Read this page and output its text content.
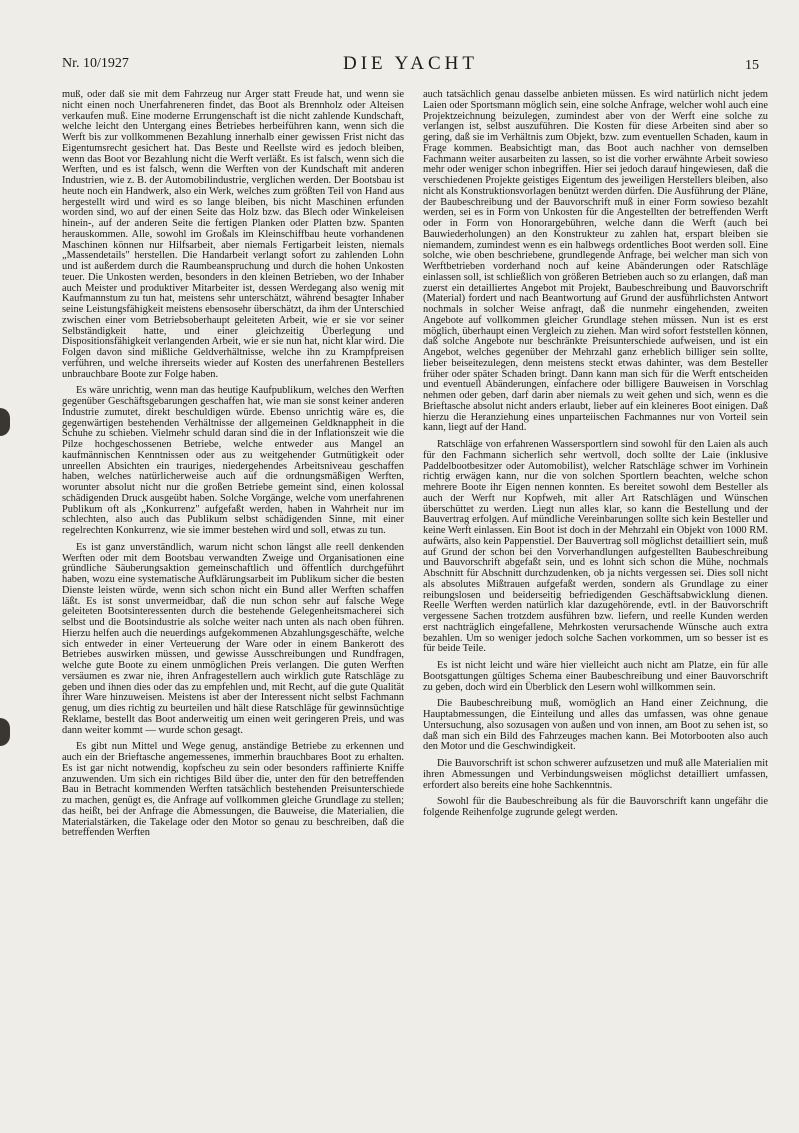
Nr. 10/1927	DIE YACHT	15

muß, oder daß sie mit dem Fahrzeug nur Ärger statt Freude hat, und wenn sie nicht einen noch Unerfahreneren findet, das Boot als Brennholz oder Alteisen verkaufen muß. Eine moderne Errungenschaft ist die nicht zahlende Kundschaft, welche leicht den Untergang eines Betriebes herbeiführen kann, wenn sich die Werft bis zur vollkommenen Bezahlung innerhalb einer gewissen Frist nicht das Eigentumsrecht gesichert hat. Das Beste und Reellste wird es jedoch bleiben, wenn das Boot vor Bezahlung nicht die Werft verläßt. Es ist falsch, wenn sich die Werften, und es ist falsch, wenn die Werften von der Kundschaft mit anderen Industrien, wie z. B. der Automobilindustrie, verglichen werden. Der Bootsbau ist heute noch ein Handwerk, also ein Werk, welches zum größten Teil von Hand aus hergestellt wird und wird es so lange bleiben, bis nicht Maschinen erfunden worden sind, wo auf der einen Seite das Holz bzw. das Blech oder Winkeleisen hinein-, auf der anderen Seite die fertigen Planken oder Platten bzw. Spanten herauskommen. Alle, sowohl im Großals im Kleinschiffbau heute vorhandenen Maschinen können nur Hilfsarbeit, aber niemals Fertigarbeit leisten, niemals „Massendetails" herstellen. Die Handarbeit verlangt sofort zu zahlenden Lohn und ist außerdem durch die Raumbeanspruchung und durch die hohen Unkosten teuer. Die Unkosten werden, besonders in den kleinen Betrieben, wo der Inhaber auch Meister und produktiver Mitarbeiter ist, dessen Werdegang also wenig mit Kaufmannstum zu tun hat, meistens sehr unterschätzt, während besagter Inhaber seine Leistungsfähigkeit meistens ebensosehr überschätzt, da ihm der Unterschied zwischen einer vom Betriebsoberhaupt geleiteten Arbeit, wie er sie vor seiner Selbständigkeit hatte, und einer gleichzeitig Überlegung und Dispositionsfähigkeit verlangenden Arbeit, wie er sie nun hat, nicht klar wird. Die Folgen davon sind mißliche Geldverhältnisse, welche ihn zu Krampfpreisen verführen, und welche ihrerseits wieder auf Kosten des unerfahrenen Bestellers unbrauchbare Boote zur Folge haben.

Es wäre unrichtig, wenn man das heutige Kaufpublikum, welches den Werften gegenüber Geschäftsgebarungen geschaffen hat, wie man sie sonst keiner anderen Industrie zumutet, direkt beschuldigen würde. Ebenso unrichtig wäre es, die gegenwärtigen bestehenden Verhältnisse der allgemeinen Geldknappheit in die Schuhe zu schieben. Vielmehr schuld daran sind die in der Inflationszeit wie die Pilze hochgeschossenen Betriebe, welche entweder aus Mangel an kaufmännischen Kenntnissen oder aus zu weitgehender Gutmütigkeit oder unreellen Absichten ein trauriges, niedergehendes Arbeitsniveau geschaffen haben, welches natürlicherweise auch auf die ordnungsmäßigen Werften, worunter absolut nicht nur die großen Betriebe gemeint sind, einen kolossal schädigenden Druck ausgeübt haben. Solche Vorgänge, welche vom unerfahrenen Publikum oft als „Konkurrenz" aufgefaßt werden, haben in Wahrheit nur im schlechten, also auch das Publikum selbst schädigenden Sinne, mit einer regelrechten Konkurrenz, wie sie immer bestehen wird und soll, etwas zu tun.

Es ist ganz unverständlich, warum nicht schon längst alle reell denkenden Werften oder mit dem Bootsbau verwandten Zweige und Organisationen eine gründliche Säuberungsaktion gemeinschaftlich und öffentlich durchgeführt haben, wozu eine systematische Aufklärungsarbeit im Publikum sicher die besten Dienste leisten würde, wenn sich schon nicht ein Bund aller Werften schaffen läßt. Es ist sonst unvermeidbar, daß die nun schon sehr auf falsche Wege geleiteten Bootsinteressenten durch die bestehende Gelegenheitsmacherei sich selbst und die Bootsindustrie als solche weiter nach unten als nach oben führen. Hierzu helfen auch die neuerdings aufgekommenen Abzahlungsgeschäfte, welche sich entweder in einer Verteuerung der Ware oder in einem Bankerott des Betriebes auswirken müssen, und gewisse Ausschreibungen und Rundfragen, welche gute Boote zu einem unmöglichen Preis verlangen. Die guten Werften versäumen es zwar nie, ihren Anfragestellern auch wirklich gute Ratschläge zu geben und ihnen dies oder das zu empfehlen und, mit Recht, auf die gute Qualität ihrer Ware hinzuweisen. Meistens ist aber der Interessent nicht selbst Fachmann genug, um dies richtig zu beurteilen und hält diese Ratschläge für gewinnsüchtige Reklame, bestellt das Boot anderweitig um einen weit geringeren Preis, und was dann weiter kommt — wurde schon gesagt.

Es gibt nun Mittel und Wege genug, anständige Betriebe zu erkennen und auch ein der Brieftasche angemessenes, immerhin brauchbares Boot zu erhalten. Es ist gar nicht notwendig, kopfscheu zu sein oder besonders raffinierte Kniffe anzuwenden. Um sich ein richtiges Bild über die, unter den für den betreffenden Bau in Betracht kommenden Werften tatsächlich bestehenden Preisunterschiede zu machen, genügt es, die Anfrage auf vollkommen gleiche Grundlage zu stellen; das heißt, bei der Anfrage die Abmessungen, die Bauweise, die Materialien, die Materialstärken, die Takelage oder den Motor so genau zu beschreiben, daß die betreffenden Werften

auch tatsächlich genau dasselbe anbieten müssen. Es wird natürlich nicht jedem Laien oder Sportsmann möglich sein, eine solche Anfrage, welcher wohl auch eine Projektzeichnung beizulegen, zumindest aber von der Werft eine solche zu verlangen ist, selbst auszuführen. Die Kosten für diese Arbeiten sind aber so gering, daß sie im Verhältnis zum Objekt, bzw. zum eventuellen Schaden, kaum in Frage kommen. Beabsichtigt man, das Boot auch nachher von demselben Fachmann weiter ausarbeiten zu lassen, so ist die vorher erwähnte Arbeit sowieso mehr oder weniger schon inbegriffen. Hier sei jedoch darauf hingewiesen, daß die verschiedenen Projekte geistiges Eigentum des jeweiligen Herstellers bleiben, also nicht als Konstruktionsvorlagen benützt werden dürfen. Die Ausführung der Pläne, der Baubeschreibung und der Bauvorschrift muß in einer Form sowieso bezahlt werden, sei es in Form von Unkosten für die Angestellten der betreffenden Werft oder in Form von Honorargebühren, welche dann die Werft (auch bei Bauwiederholungen) an den Konstrukteur zu zahlen hat, erspart bleiben sie niemandem, zumindest wenn es ein halbwegs ordentliches Boot werden soll. Eine solche, wie oben beschriebene, grundlegende Anfrage, bei welcher man sich von Werftbetrieben vorderhand noch auf keine Abänderungen oder Ratschläge einlassen soll, ist schließlich von größeren Betrieben auch so zu erlangen, daß man zuerst ein detailliertes Angebot mit Projekt, Baubeschreibung und Bauvorschrift (Material) fordert und nach Beantwortung auf Grund der ausführlichsten Antwort nochmals in solcher Weise anfragt, daß die nunmehr eingehenden, zweiten Angebote auf vollkommen gleicher Grundlage stehen müssen. Nun ist es erst möglich, überhaupt einen Vergleich zu ziehen. Man wird sofort feststellen können, daß solche Angebote nur beschränkte Preisunterschiede aufweisen, und ist ein Angebot, welches gegenüber der Mehrzahl ganz erheblich billiger sein sollte, lieber beiseitezulegen, denn meistens steckt etwas dahinter, was dem Besteller früher oder später Schaden bringt. Dann kann man sich für die Werft entscheiden und eventuell Abänderungen, einfachere oder billigere Bauweisen in Vorschlag nehmen oder geben, darf darin aber niemals zu weit gehen und sich, wenn es die Brieftasche absolut nicht anders erlaubt, lieber auf ein kleineres Boot einigen. Daß hierzu die Heranziehung eines unparteiischen Fachmannes nur von Vorteil sein kann, liegt auf der Hand.

Ratschläge von erfahrenen Wassersportlern sind sowohl für den Laien als auch für den Fachmann sicherlich sehr wertvoll, doch sollte der Laie (inklusive Paddelbootbesitzer oder Automobilist), welcher Ratschläge schwer im Vorhinein richtig erwägen kann, nur die von solchen Sportlern beachten, welche schon mehrere Boote ihr Eigen nennen konnten. Es bereitet sowohl dem Besteller als auch der Werft nur Kopfweh, mit aller Art Ratschlägen und Wünschen überschüttet zu werden. Liegt nun alles klar, so kann die Bestellung und der Bauvertrag erfolgen. Auf mündliche Vereinbarungen sollte sich kein Besteller und keine Werft einlassen. Ein Boot ist doch in der Mehrzahl ein Objekt von 1000 RM. aufwärts, also kein Pappenstiel. Der Bauvertrag soll möglichst detailliert sein, muß auf Grund der schon bei den Vorverhandlungen aufgestellten Baubeschreibung und Bauvorschrift abgefaßt sein, und es lohnt sich schon die Mühe, nochmals Abschnitt für Abschnitt durchzudenken, ob ja nichts vergessen sei. Dies soll nicht als absolutes Mißtrauen aufgefaßt werden, sondern als Grundlage zu einer reibungslosen und beiderseitig befriedigenden Geschäftsabwicklung dienen. Reelle Werften werden natürlich klar dazugehörende, evtl. in der Bauvorschrift vergessene Sachen trotzdem ausführen bzw. liefern, und reelle Kunden werden erst nachträglich eingefallene, Mehrkosten verursachende Wünsche auch extra bezahlen. Um so weniger jedoch solche Sachen vorkommen, um so besser ist es für beide Teile.

Es ist nicht leicht und wäre hier vielleicht auch nicht am Platze, ein für alle Bootsgattungen gültiges Schema einer Baubeschreibung und einer Bauvorschrift zu geben, doch wird ein Überblick den Lesern wohl willkommen sein.

Die Baubeschreibung muß, womöglich an Hand einer Zeichnung, die Hauptabmessungen, die Einteilung und alles das umfassen, was ohne genaue Untersuchung, also sozusagen von außen und von innen, am Boot zu sehen ist, so daß man sich ein Bild des Fahrzeuges machen kann. Bei Motorbooten also auch den Motor und die Geschwindigkeit.

Die Bauvorschrift ist schon schwerer aufzusetzen und muß alle Materialien mit ihren Abmessungen und Verbindungsweisen möglichst detailliert umfassen, erfordert also bereits eine hohe Sachkenntnis.

Sowohl für die Baubeschreibung als für die Bauvorschrift kann ungefähr die folgende Reihenfolge zugrunde gelegt werden.
